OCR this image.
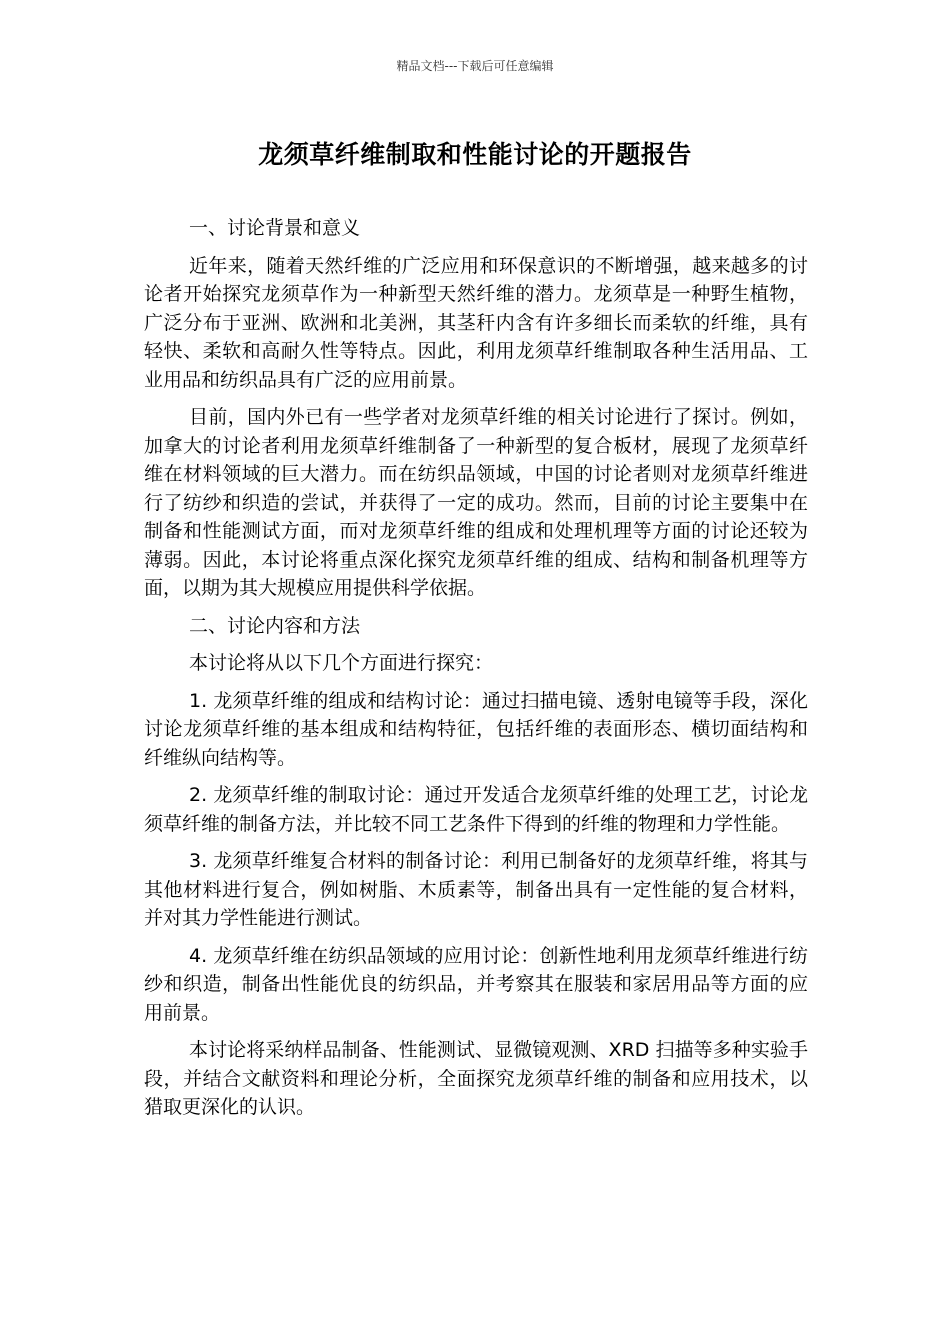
精品文档---下载后可任意编辑
龙须草纤维制取和性能讨论的开题报告

一、讨论背景和意义

近年来，随着天然纤维的广泛应用和环保意识的不断增强，越来越多的讨论者开始探究龙须草作为一种新型天然纤维的潜力。龙须草是一种野生植物，广泛分布于亚洲、欧洲和北美洲，其茎秆内含有许多细长而柔软的纤维，具有轻快、柔软和高耐久性等特点。因此，利用龙须草纤维制取各种生活用品、工业用品和纺织品具有广泛的应用前景。

目前，国内外已有一些学者对龙须草纤维的相关讨论进行了探讨。例如，加拿大的讨论者利用龙须草纤维制备了一种新型的复合板材，展现了龙须草纤维在材料领域的巨大潜力。而在纺织品领域，中国的讨论者则对龙须草纤维进行了纺纱和织造的尝试，并获得了一定的成功。然而，目前的讨论主要集中在制备和性能测试方面，而对龙须草纤维的组成和处理机理等方面的讨论还较为薄弱。因此，本讨论将重点深化探究龙须草纤维的组成、结构和制备机理等方面，以期为其大规模应用提供科学依据。

二、讨论内容和方法

本讨论将从以下几个方面进行探究：

1. 龙须草纤维的组成和结构讨论：通过扫描电镜、透射电镜等手段，深化讨论龙须草纤维的基本组成和结构特征，包括纤维的表面形态、横切面结构和纤维纵向结构等。

2. 龙须草纤维的制取讨论：通过开发适合龙须草纤维的处理工艺，讨论龙须草纤维的制备方法，并比较不同工艺条件下得到的纤维的物理和力学性能。

3. 龙须草纤维复合材料的制备讨论：利用已制备好的龙须草纤维，将其与其他材料进行复合，例如树脂、木质素等，制备出具有一定性能的复合材料，并对其力学性能进行测试。

4. 龙须草纤维在纺织品领域的应用讨论：创新性地利用龙须草纤维进行纺纱和织造，制备出性能优良的纺织品，并考察其在服装和家居用品等方面的应用前景。

本讨论将采纳样品制备、性能测试、显微镜观测、XRD 扫描等多种实验手段，并结合文献资料和理论分析，全面探究龙须草纤维的制备和应用技术，以猎取更深化的认识。
